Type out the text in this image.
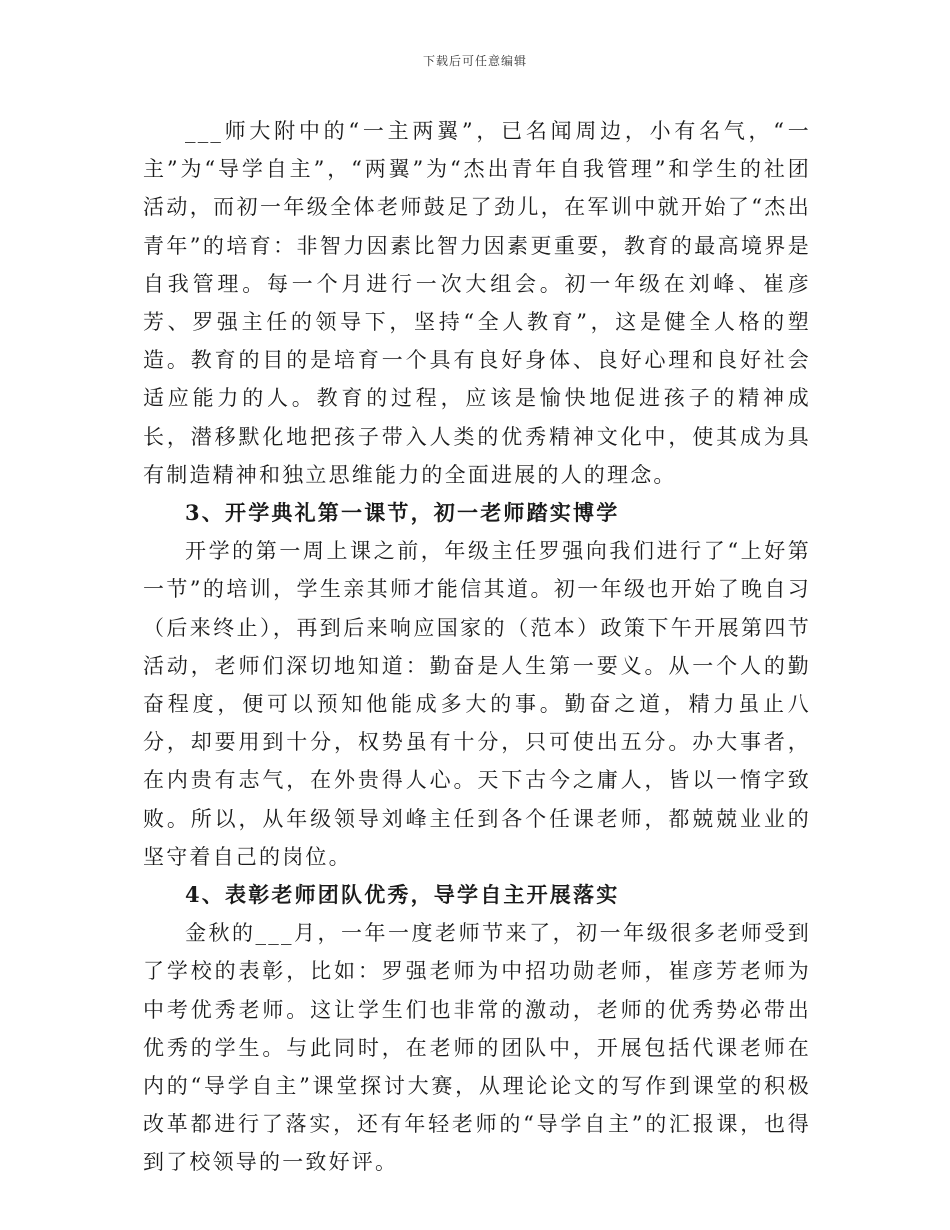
下载后可任意编辑

___师大附中的“一主两翼”，已名闻周边，小有名气，“一主”为“导学自主”，“两翼”为“杰出青年自我管理”和学生的社团活动，而初一年级全体老师鼓足了劲儿，在军训中就开始了“杰出青年”的培育：非智力因素比智力因素更重要，教育的最高境界是自我管理。每一个月进行一次大组会。初一年级在刘峰、崔彦芳、罗强主任的领导下，坚持“全人教育”，这是健全人格的塑造。教育的目的是培育一个具有良好身体、良好心理和良好社会适应能力的人。教育的过程，应该是愉快地促进孩子的精神成长，潜移默化地把孩子带入人类的优秀精神文化中，使其成为具有制造精神和独立思维能力的全面进展的人的理念。

3、开学典礼第一课节，初一老师踏实博学

开学的第一周上课之前，年级主任罗强向我们进行了“上好第一节”的培训，学生亲其师才能信其道。初一年级也开始了晚自习（后来终止），再到后来响应国家的（范本）政策下午开展第四节活动，老师们深切地知道：勤奋是人生第一要义。从一个人的勤奋程度，便可以预知他能成多大的事。勤奋之道，精力虽止八分，却要用到十分，权势虽有十分，只可使出五分。办大事者，在内贵有志气，在外贵得人心。天下古今之庸人，皆以一惰字致败。所以，从年级领导刘峰主任到各个任课老师，都兢兢业业的坚守着自己的岗位。

4、表彰老师团队优秀，导学自主开展落实

金秋的___月，一年一度老师节来了，初一年级很多老师受到了学校的表彰，比如：罗强老师为中招功勋老师，崔彦芳老师为中考优秀老师。这让学生们也非常的激动，老师的优秀势必带出优秀的学生。与此同时，在老师的团队中，开展包括代课老师在内的“导学自主”课堂探讨大赛，从理论论文的写作到课堂的积极改革都进行了落实，还有年轻老师的“导学自主”的汇报课，也得到了校领导的一致好评。
